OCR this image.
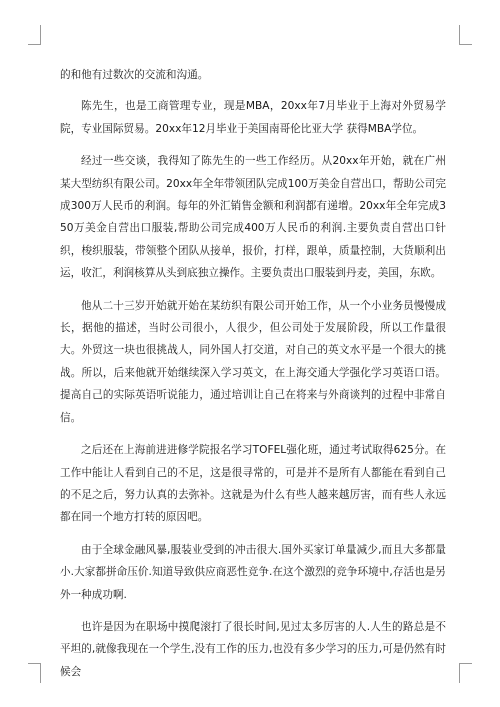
的和他有过数次的交流和沟通。

陈先生，也是工商管理专业，现是MBA，20xx年7月毕业于上海对外贸易学院，专业国际贸易。20xx年12月毕业于美国南哥伦比亚大学 获得MBA学位。

经过一些交谈，我得知了陈先生的一些工作经历。从20xx年开始，就在广州某大型纺织有限公司。20xx年全年带领团队完成100万美金自营出口，帮助公司完成300万人民币的利润。每年的外汇销售金额和利润都有递增。20xx年全年完成350万美金自营出口服装,帮助公司完成400万人民币的利润.主要负责自营出口针织，梭织服装，带领整个团队从接单，报价，打样，跟单，质量控制，大货顺利出运，收汇，利润核算从头到底独立操作。主要负责出口服装到丹麦，美国，东欧。

他从二十三岁开始就开始在某纺织有限公司开始工作，从一个小业务员慢慢成长，据他的描述，当时公司很小，人很少，但公司处于发展阶段，所以工作量很大。外贸这一块也很挑战人，同外国人打交道，对自己的英文水平是一个很大的挑战。所以，后来他就开始继续深入学习英文，在上海交通大学强化学习英语口语。提高自己的实际英语听说能力，通过培训让自己在将来与外商谈判的过程中非常自信。

之后还在上海前进进修学院报名学习TOFEL强化班，通过考试取得625分。在工作中能让人看到自己的不足，这是很寻常的，可是并不是所有人都能在看到自己的不足之后，努力认真的去弥补。这就是为什么有些人越来越厉害，而有些人永远都在同一个地方打转的原因吧。

由于全球金融风暴,服装业受到的冲击很大.国外买家订单量减少,而且大多都量小.大家都拼命压价.知道导致供应商恶性竞争.在这个激烈的竞争环境中,存活也是另外一种成功啊.

也许是因为在职场中摸爬滚打了很长时间,见过太多厉害的人.人生的路总是不平坦的,就像我现在一个学生,没有工作的压力,也没有多少学习的压力,可是仍然有时候会
